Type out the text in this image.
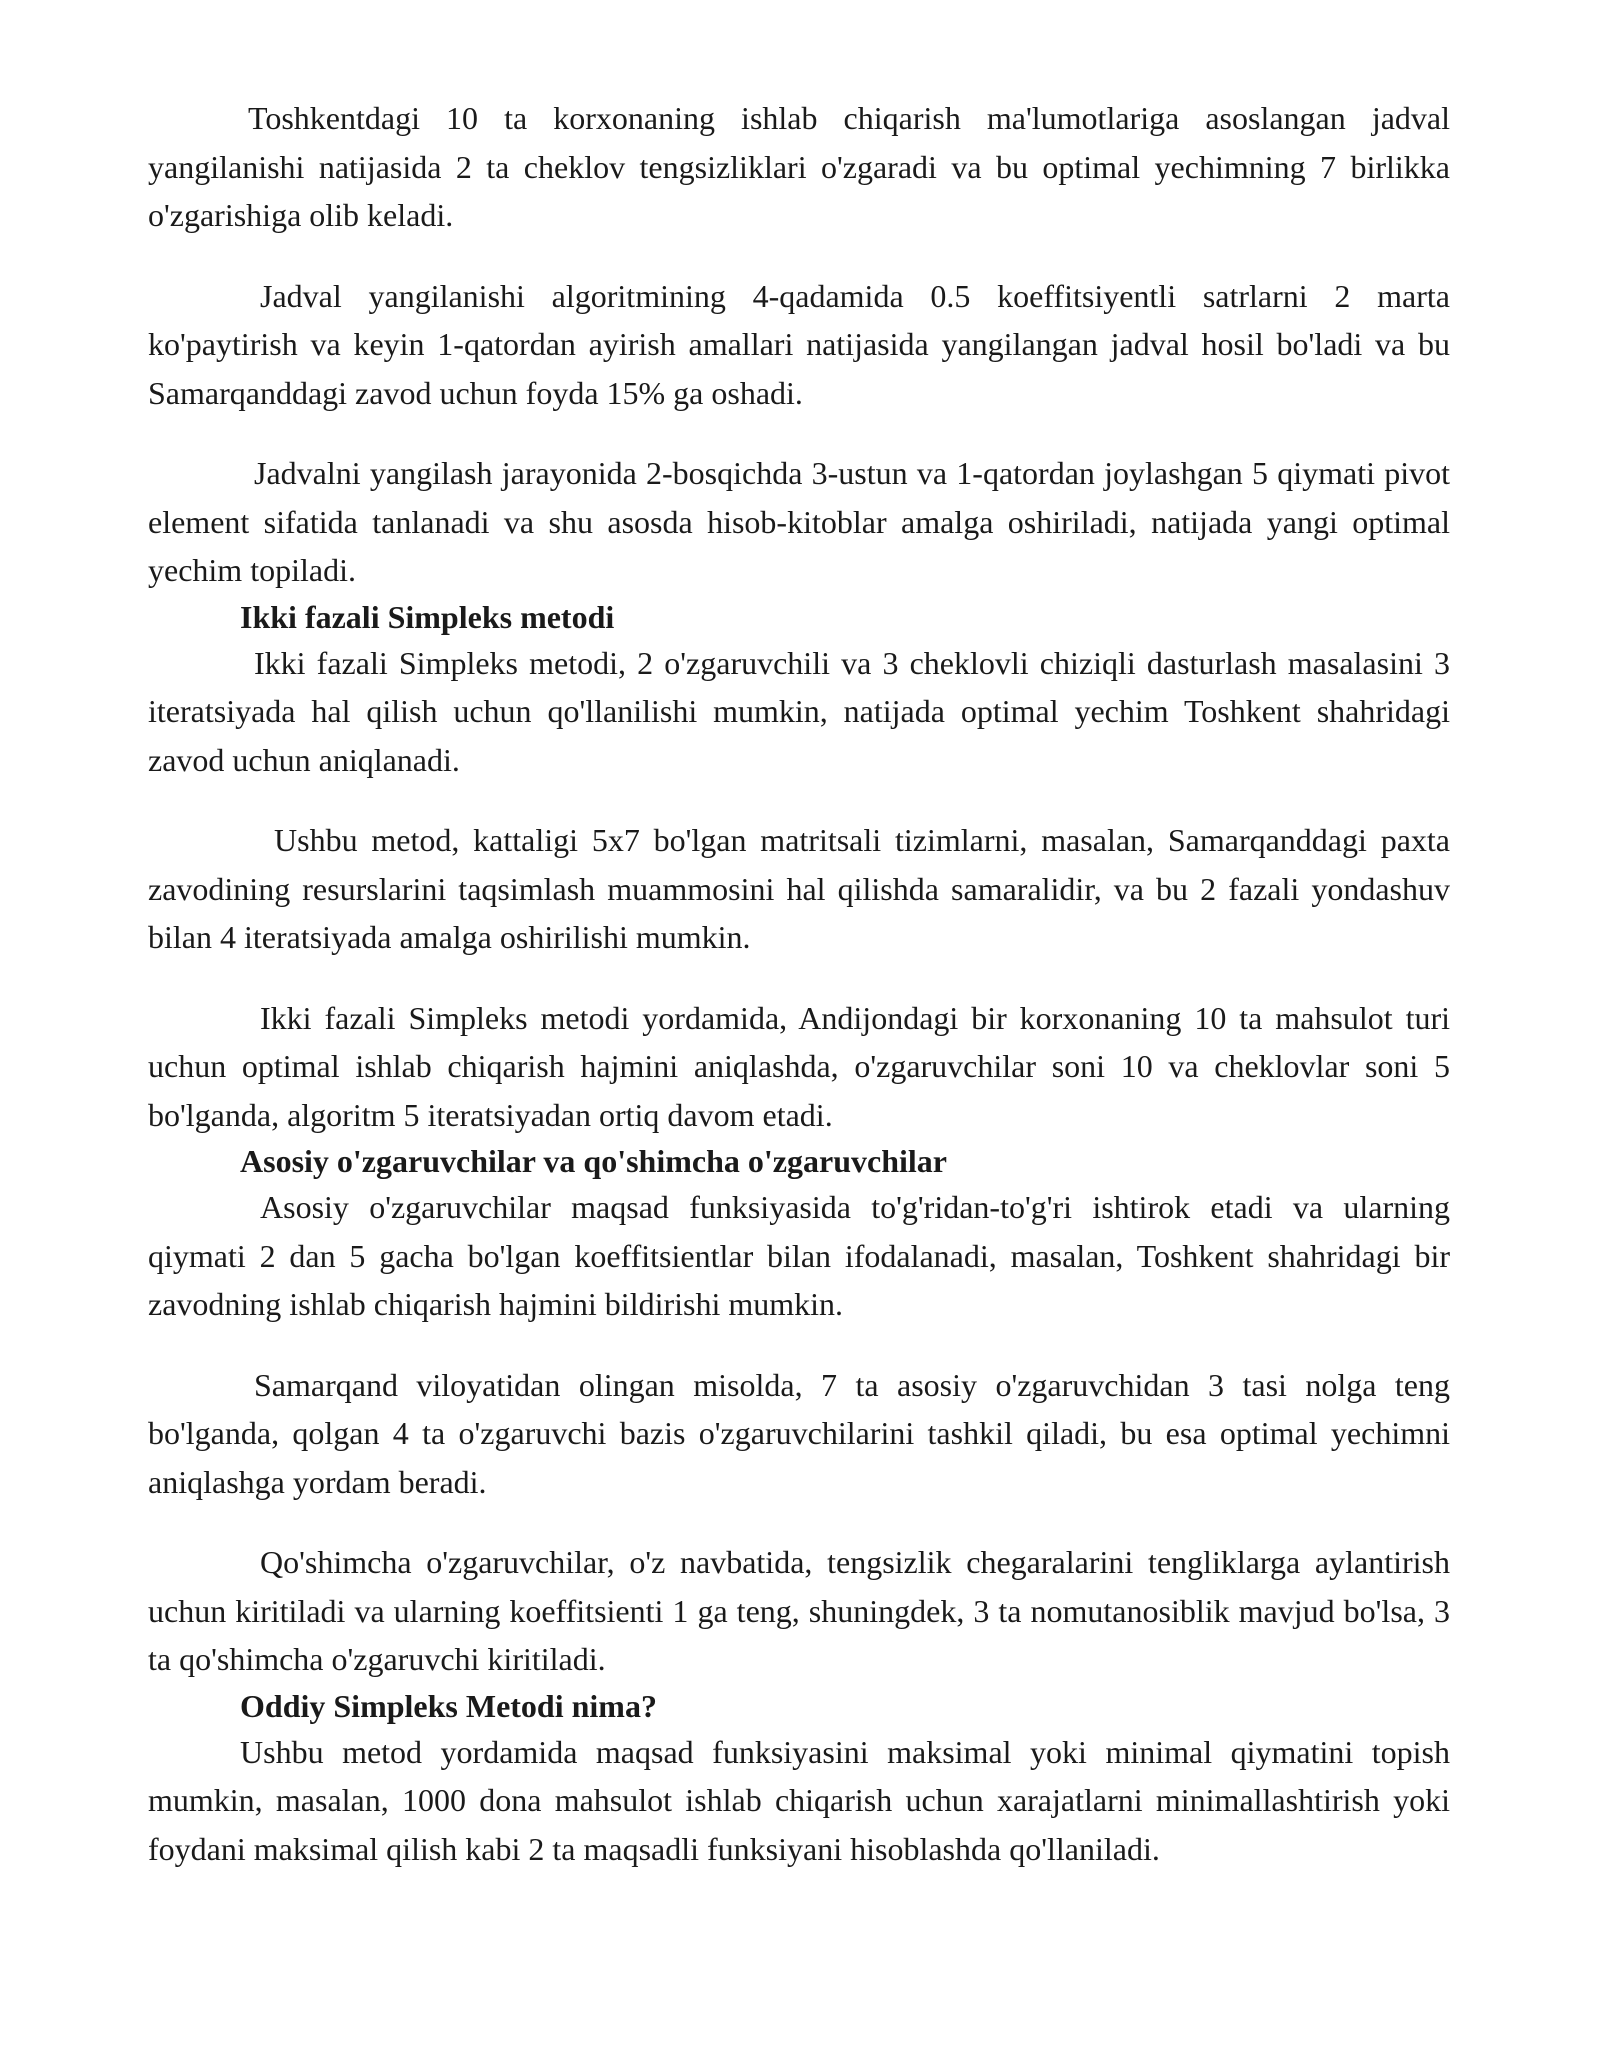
Toshkentdagi 10 ta korxonaning ishlab chiqarish ma'lumotlariga asoslangan jadval yangilanishi natijasida 2 ta cheklov tengsizliklari o'zgaradi va bu optimal yechimning 7 birlikka o'zgarishiga olib keladi.

Jadval yangilanishi algoritmining 4-qadamida 0.5 koeffitsiyentli satrlarni 2 marta ko'paytirish va keyin 1-qatordan ayirish amallari natijasida yangilangan jadval hosil bo'ladi va bu Samarqanddagi zavod uchun foyda 15% ga oshadi.

Jadvalni yangilash jarayonida 2-bosqichda 3-ustun va 1-qatordan joylashgan 5 qiymati pivot element sifatida tanlanadi va shu asosda hisob-kitoblar amalga oshiriladi, natijada yangi optimal yechim topiladi.

Ikki fazali Simpleks metodi

Ikki fazali Simpleks metodi, 2 o'zgaruvchili va 3 cheklovli chiziqli dasturlash masalasini 3 iteratsiyada hal qilish uchun qo'llanilishi mumkin, natijada optimal yechim Toshkent shahridagi zavod uchun aniqlanadi.

Ushbu metod, kattaligi 5x7 bo'lgan matritsali tizimlarni, masalan, Samarqanddagi paxta zavodining resurslarini taqsimlash muammosini hal qilishda samaralidir, va bu 2 fazali yondashuv bilan 4 iteratsiyada amalga oshirilishi mumkin.

Ikki fazali Simpleks metodi yordamida, Andijondagi bir korxonaning 10 ta mahsulot turi uchun optimal ishlab chiqarish hajmini aniqlashda, o'zgaruvchilar soni 10 va cheklovlar soni 5 bo'lganda, algoritm 5 iteratsiyadan ortiq davom etadi.

Asosiy o'zgaruvchilar va qo'shimcha o'zgaruvchilar

Asosiy o'zgaruvchilar maqsad funksiyasida to'g'ridan-to'g'ri ishtirok etadi va ularning qiymati 2 dan 5 gacha bo'lgan koeffitsientlar bilan ifodalanadi, masalan, Toshkent shahridagi bir zavodning ishlab chiqarish hajmini bildirishi mumkin.

Samarqand viloyatidan olingan misolda, 7 ta asosiy o'zgaruvchidan 3 tasi nolga teng bo'lganda, qolgan 4 ta o'zgaruvchi bazis o'zgaruvchilarini tashkil qiladi, bu esa optimal yechimni aniqlashga yordam beradi.

Qo'shimcha o'zgaruvchilar, o'z navbatida, tengsizlik chegaralarini tengliklarga aylantirish uchun kiritiladi va ularning koeffitsienti 1 ga teng, shuningdek, 3 ta nomutanosiblik mavjud bo'lsa, 3 ta qo'shimcha o'zgaruvchi kiritiladi.

Oddiy Simpleks Metodi nima?

Ushbu metod yordamida maqsad funksiyasini maksimal yoki minimal qiymatini topish mumkin, masalan, 1000 dona mahsulot ishlab chiqarish uchun xarajatlarni minimallashtirish yoki foydani maksimal qilish kabi 2 ta maqsadli funksiyani hisoblashda qo'llaniladi.
